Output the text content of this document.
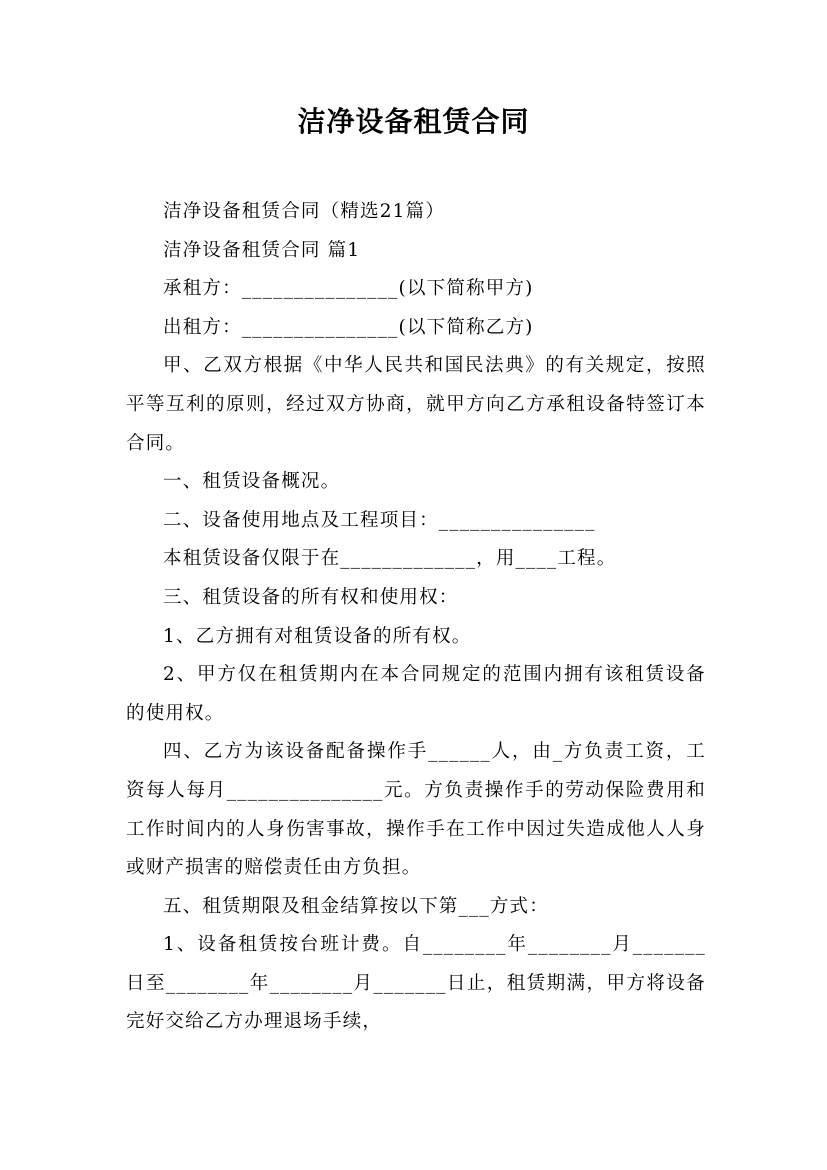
洁净设备租赁合同

洁净设备租赁合同（精选21篇）

洁净设备租赁合同 篇1

承租方：_______________(以下简称甲方)

出租方：_______________(以下简称乙方)

甲、乙双方根据《中华人民共和国民法典》的有关规定，按照平等互利的原则，经过双方协商，就甲方向乙方承租设备特签订本合同。

一、租赁设备概况。

二、设备使用地点及工程项目：_______________

本租赁设备仅限于在_____________，用____工程。

三、租赁设备的所有权和使用权：

1、乙方拥有对租赁设备的所有权。

2、甲方仅在租赁期内在本合同规定的范围内拥有该租赁设备的使用权。

四、乙方为该设备配备操作手______人，由_方负责工资，工资每人每月_______________元。方负责操作手的劳动保险费用和工作时间内的人身伤害事故，操作手在工作中因过失造成他人人身或财产损害的赔偿责任由方负担。

五、租赁期限及租金结算按以下第___方式：

1、设备租赁按台班计费。自________年________月_______日至________年________月_______日止，租赁期满，甲方将设备完好交给乙方办理退场手续，
